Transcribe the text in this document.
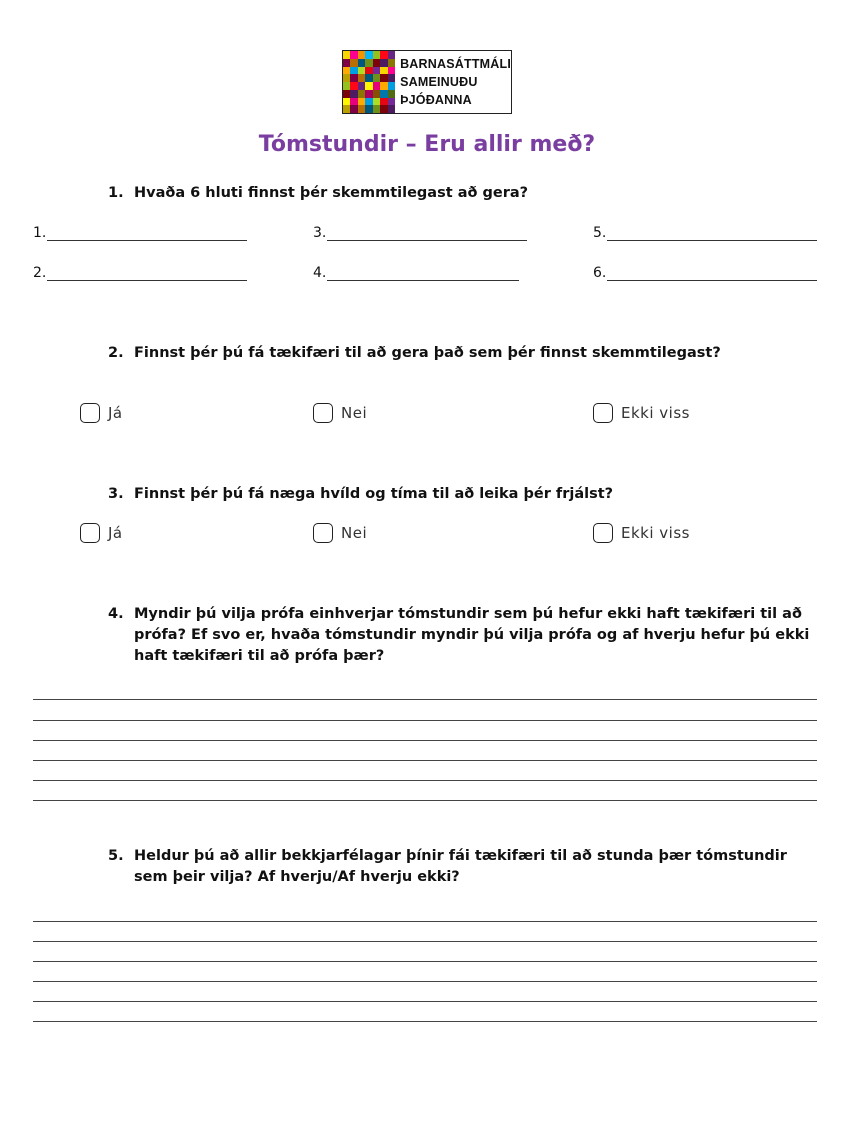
BARNASÁTTMÁLI
SAMEINUÐU
ÞJÓÐANNA
Tómstundir – Eru allir með?
1. Hvaða 6 hluti finnst þér skemmtilegast að gera?
1.	3.	5.
2.	4.	6.
2. Finnst þér þú fá tækifæri til að gera það sem þér finnst skemmtilegast?
Já	Nei	Ekki viss
3. Finnst þér þú fá næga hvíld og tíma til að leika þér frjálst?
Já	Nei	Ekki viss
4. Myndir þú vilja prófa einhverjar tómstundir sem þú hefur ekki haft tækifæri til að prófa? Ef svo er, hvaða tómstundir myndir þú vilja prófa og af hverju hefur þú ekki haft tækifæri til að prófa þær?
5. Heldur þú að allir bekkjarfélagar þínir fái tækifæri til að stunda þær tómstundir sem þeir vilja? Af hverju/Af hverju ekki?
